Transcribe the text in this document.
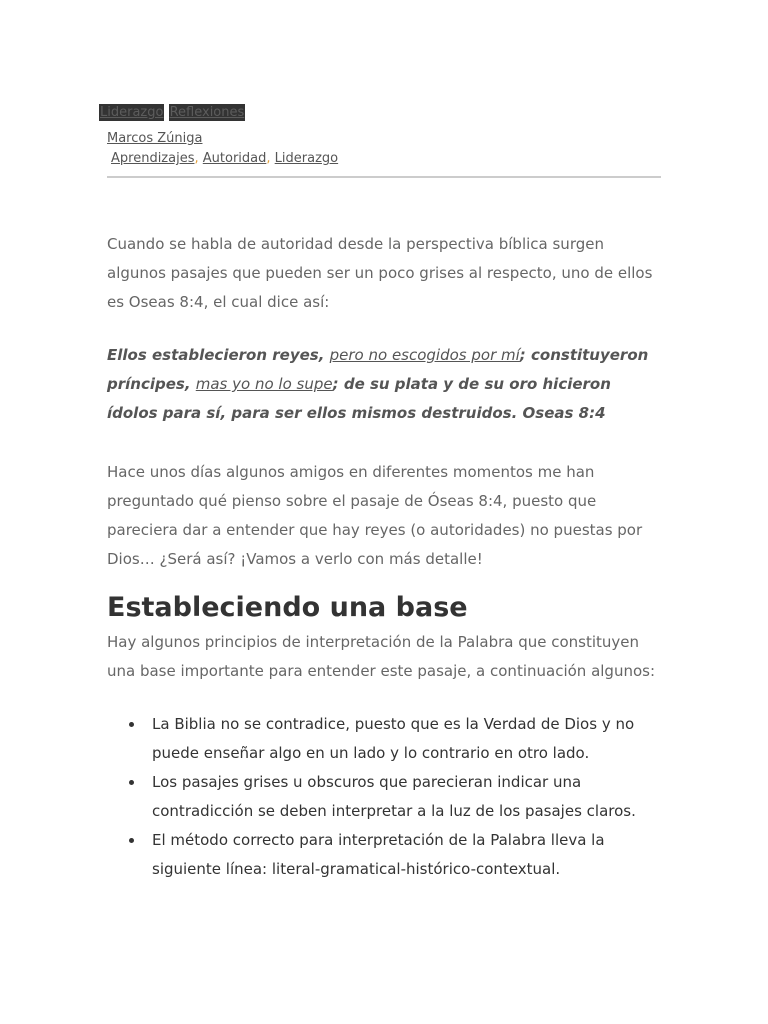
Liderazgo Reflexiones
Marcos Zúniga
Aprendizajes, Autoridad, Liderazgo

Cuando se habla de autoridad desde la perspectiva bíblica surgen algunos pasajes que pueden ser un poco grises al respecto, uno de ellos es Oseas 8:4, el cual dice así:

Ellos establecieron reyes, pero no escogidos por mí; constituyeron príncipes, mas yo no lo supe; de su plata y de su oro hicieron ídolos para sí, para ser ellos mismos destruidos. Oseas 8:4

Hace unos días algunos amigos en diferentes momentos me han preguntado qué pienso sobre el pasaje de Óseas 8:4, puesto que pareciera dar a entender que hay reyes (o autoridades) no puestas por Dios… ¿Será así? ¡Vamos a verlo con más detalle!

Estableciendo una base

Hay algunos principios de interpretación de la Palabra que constituyen una base importante para entender este pasaje, a continuación algunos:

La Biblia no se contradice, puesto que es la Verdad de Dios y no puede enseñar algo en un lado y lo contrario en otro lado.
Los pasajes grises u obscuros que parecieran indicar una contradicción se deben interpretar a la luz de los pasajes claros.
El método correcto para interpretación de la Palabra lleva la siguiente línea: literal-gramatical-histórico-contextual.
